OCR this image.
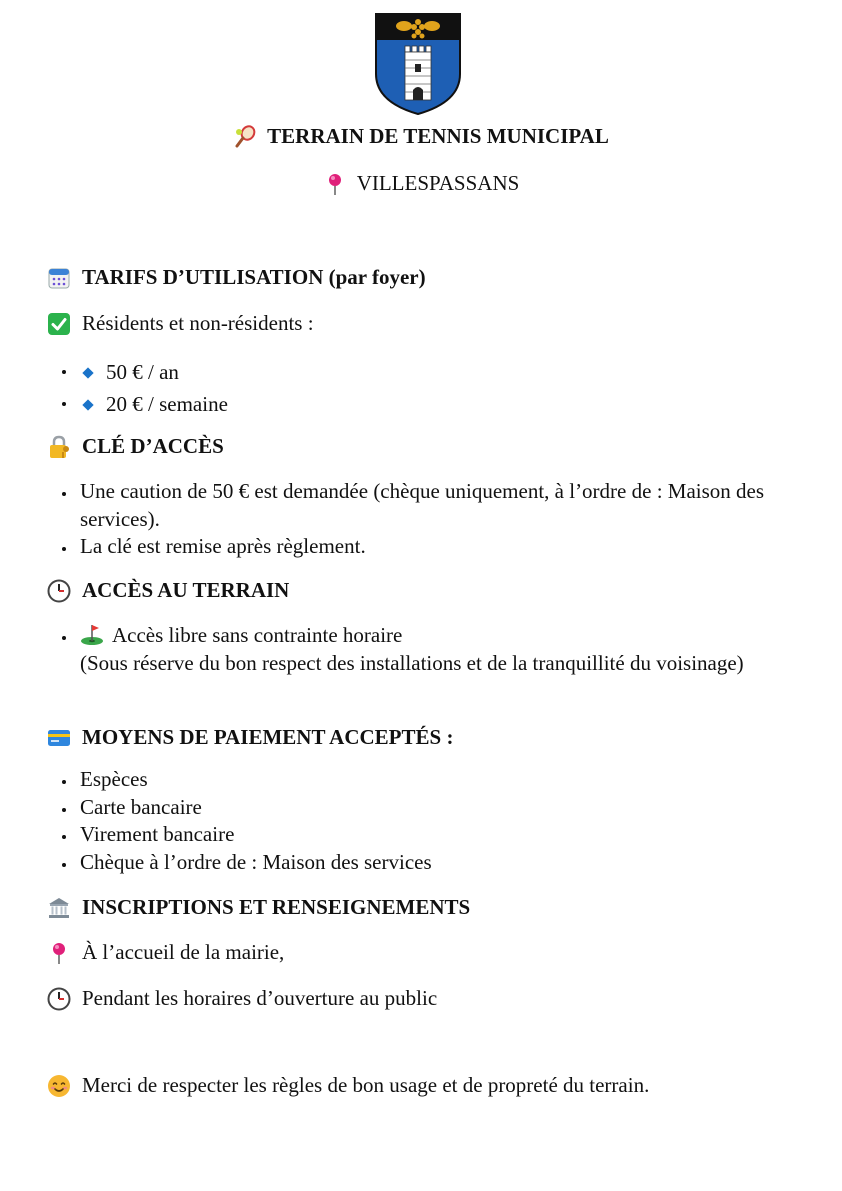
TERRAIN DE TENNIS MUNICIPAL
VILLESPASSANS
TARIFS D’UTILISATION (par foyer)
Résidents et non-résidents :
50 € / an
20 € / semaine
CLÉ D’ACCÈS
Une caution de 50 € est demandée (chèque uniquement, à l’ordre de : Maison des services).
La clé est remise après règlement.
ACCÈS AU TERRAIN
Accès libre sans contrainte horaire
(Sous réserve du bon respect des installations et de la tranquillité du voisinage)
MOYENS DE PAIEMENT ACCEPTÉS :
Espèces
Carte bancaire
Virement bancaire
Chèque à l’ordre de : Maison des services
INSCRIPTIONS ET RENSEIGNEMENTS
À l’accueil de la mairie,
Pendant les horaires d’ouverture au public
Merci de respecter les règles de bon usage et de propreté du terrain.
